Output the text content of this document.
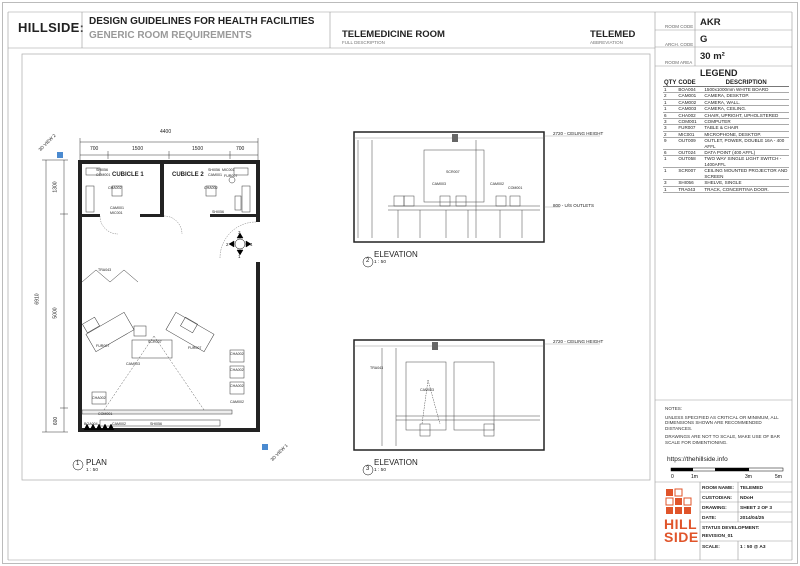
HILLSIDE: DESIGN GUIDELINES FOR HEALTH FACILITIES
GENERIC ROOM REQUIREMENTS	TELEMEDICINE ROOM
FULL DESCRIPTION
TELEMED
ABBREVIATION
ROOM CODE AKR
ARCH. CODE G
ROOM AREA
30 m²
LEGEND
QTY	CODE	DESCRIPTION
1	BOA004	1500x1000mm WHITE BOARD
2	CAM001	CAMERA, DESKTOP.
1	CAM002	CAMERA, WALL.
1	CAM003	CAMERA, CEILING.
6	CHA002	CHAIR, UPRIGHT, UPHOLSTERED
3	COM001	COMPUTER
3	FUR007	TABLE & CHAIR
2	MIC001	MICROPHONE, DESKTOP.
9	OUT009	OUTLET, POWER, DOUBLE 16A - 400 AFFL
6	OUT024	DATA POINT (400 AFFL)
1	OUT058	TWO WAY SINGLE LIGHT SWITCH - 1400AFFL
1	SCR007	CEILING MOUNTED PROJECTOR AND SCREEN
3	SHI056	SHELVE, SINGLE
1	TRA043	TRACK, CONCERTINA DOOR.

NOTES:

UNLESS SPECIFIED AS CRITICAL OR MINIMUM, ALL DIMENSIONS SHOWN ARE RECOMMENDED DISTANCES.

DRAWINGS ARE NOT TO SCALE, MAKE USE OF BAR SCALE FOR DIMENTIONING.

https://thehillside.info
0	1m	3m	5m
ROOM NAME: TELEMED
CUSTODIAN: NDoH
DRAWING:	SHEET 2 OF 3
DATE:	2014/04/25
STATUS DEVELOPMENT:
REVISION_01
SCALE:	1 : 50 @ A3
HILL
SIDE
4400
700	1500	1500	700
1300
5000
600
6910
CUBICLE 1	CUBICLE 2
3D VIEW 2
3D VIEW 1
SHI056
COM001
CHA002
CAM001
MIC001
SHI056
CHA002
FUR007
CAM001
MIC001
SHI056
TRA043
FUR007
SCR007
FUR007
CAM003
CHA002
CHA002
CHA002
CAM002
CHA002
COM001
CAM002	SHI056
BOA004
3
4
1
2
1 PLAN
1 : 50
2720 - CEILING HEIGHT
800 - U/S OUTLETS
SCR007
CAM003	CAM002
COM001
2
ELEVATION
1 : 50
2720 - CEILING HEIGHT
TRA043
CAM003
3
ELEVATION
1 : 50
